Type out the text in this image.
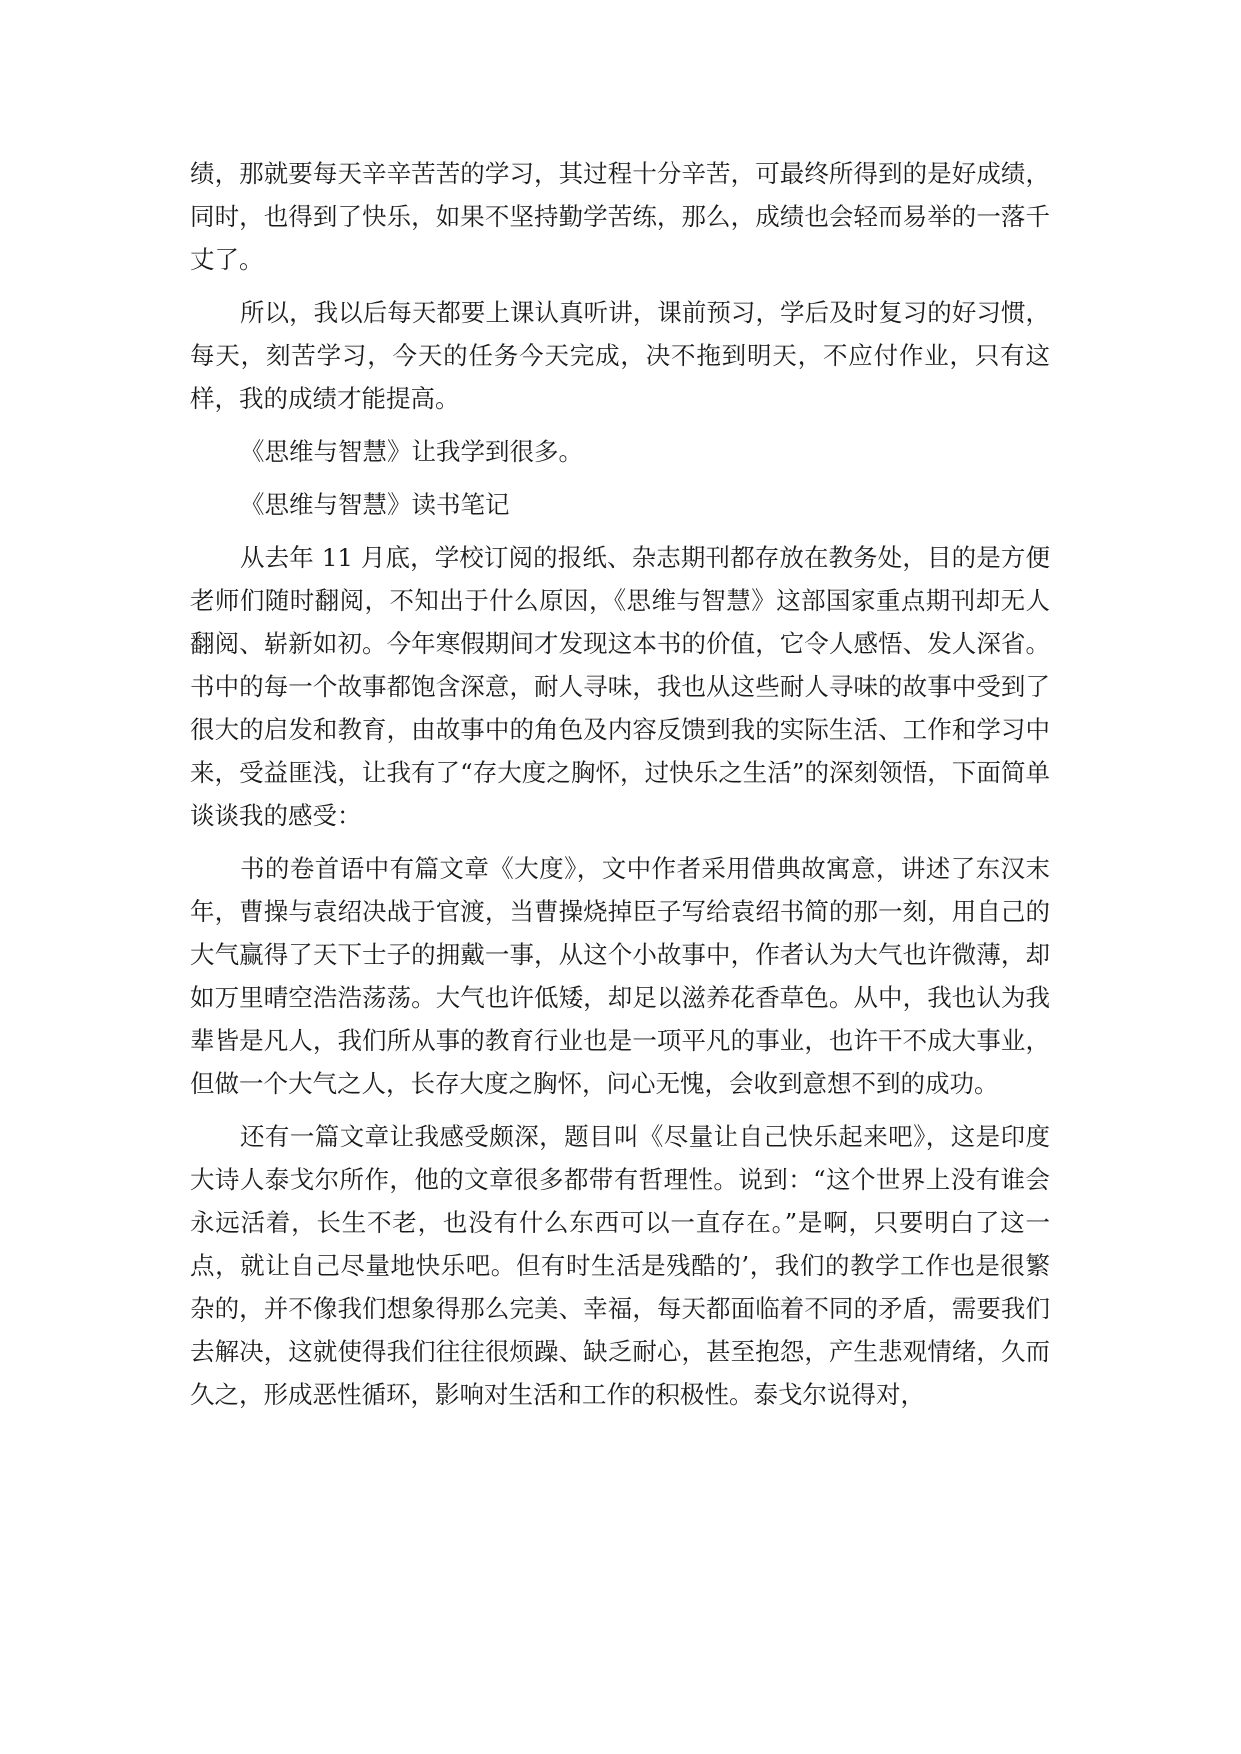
绩，那就要每天辛辛苦苦的学习，其过程十分辛苦，可最终所得到的是好成绩，同时，也得到了快乐，如果不坚持勤学苦练，那么，成绩也会轻而易举的一落千丈了。

所以，我以后每天都要上课认真听讲，课前预习，学后及时复习的好习惯，每天，刻苦学习，今天的任务今天完成，决不拖到明天，不应付作业，只有这样，我的成绩才能提高。

《思维与智慧》让我学到很多。

《思维与智慧》读书笔记

从去年 11 月底，学校订阅的报纸、杂志期刊都存放在教务处，目的是方便老师们随时翻阅，不知出于什么原因，《思维与智慧》这部国家重点期刊却无人翻阅、崭新如初。今年寒假期间才发现这本书的价值，它令人感悟、发人深省。书中的每一个故事都饱含深意，耐人寻味，我也从这些耐人寻味的故事中受到了很大的启发和教育，由故事中的角色及内容反馈到我的实际生活、工作和学习中来，受益匪浅，让我有了“存大度之胸怀，过快乐之生活”的深刻领悟，下面简单谈谈我的感受：

书的卷首语中有篇文章《大度》，文中作者采用借典故寓意，讲述了东汉末年，曹操与袁绍决战于官渡，当曹操烧掉臣子写给袁绍书简的那一刻，用自己的大气赢得了天下士子的拥戴一事，从这个小故事中，作者认为大气也许微薄，却如万里晴空浩浩荡荡。大气也许低矮，却足以滋养花香草色。从中，我也认为我辈皆是凡人，我们所从事的教育行业也是一项平凡的事业，也许干不成大事业，但做一个大气之人，长存大度之胸怀，问心无愧，会收到意想不到的成功。

还有一篇文章让我感受颇深，题目叫《尽量让自己快乐起来吧》，这是印度大诗人泰戈尔所作，他的文章很多都带有哲理性。说到：“这个世界上没有谁会永远活着，长生不老，也没有什么东西可以一直存在。”是啊，只要明白了这一点，就让自己尽量地快乐吧。但有时生活是残酷的’，我们的教学工作也是很繁杂的，并不像我们想象得那么完美、幸福，每天都面临着不同的矛盾，需要我们去解决，这就使得我们往往很烦躁、缺乏耐心，甚至抱怨，产生悲观情绪，久而久之，形成恶性循环，影响对生活和工作的积极性。泰戈尔说得对，
